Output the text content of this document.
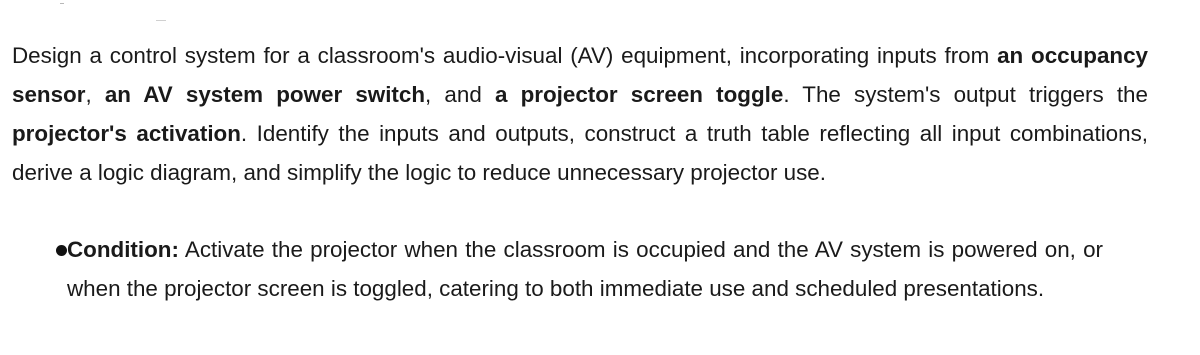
Design a control system for a classroom's audio-visual (AV) equipment, incorporating inputs from an occupancy sensor, an AV system power switch, and a projector screen toggle. The system's output triggers the projector's activation. Identify the inputs and outputs, construct a truth table reflecting all input combinations, derive a logic diagram, and simplify the logic to reduce unnecessary projector use.

Condition: Activate the projector when the classroom is occupied and the AV system is powered on, or when the projector screen is toggled, catering to both immediate use and scheduled presentations.
